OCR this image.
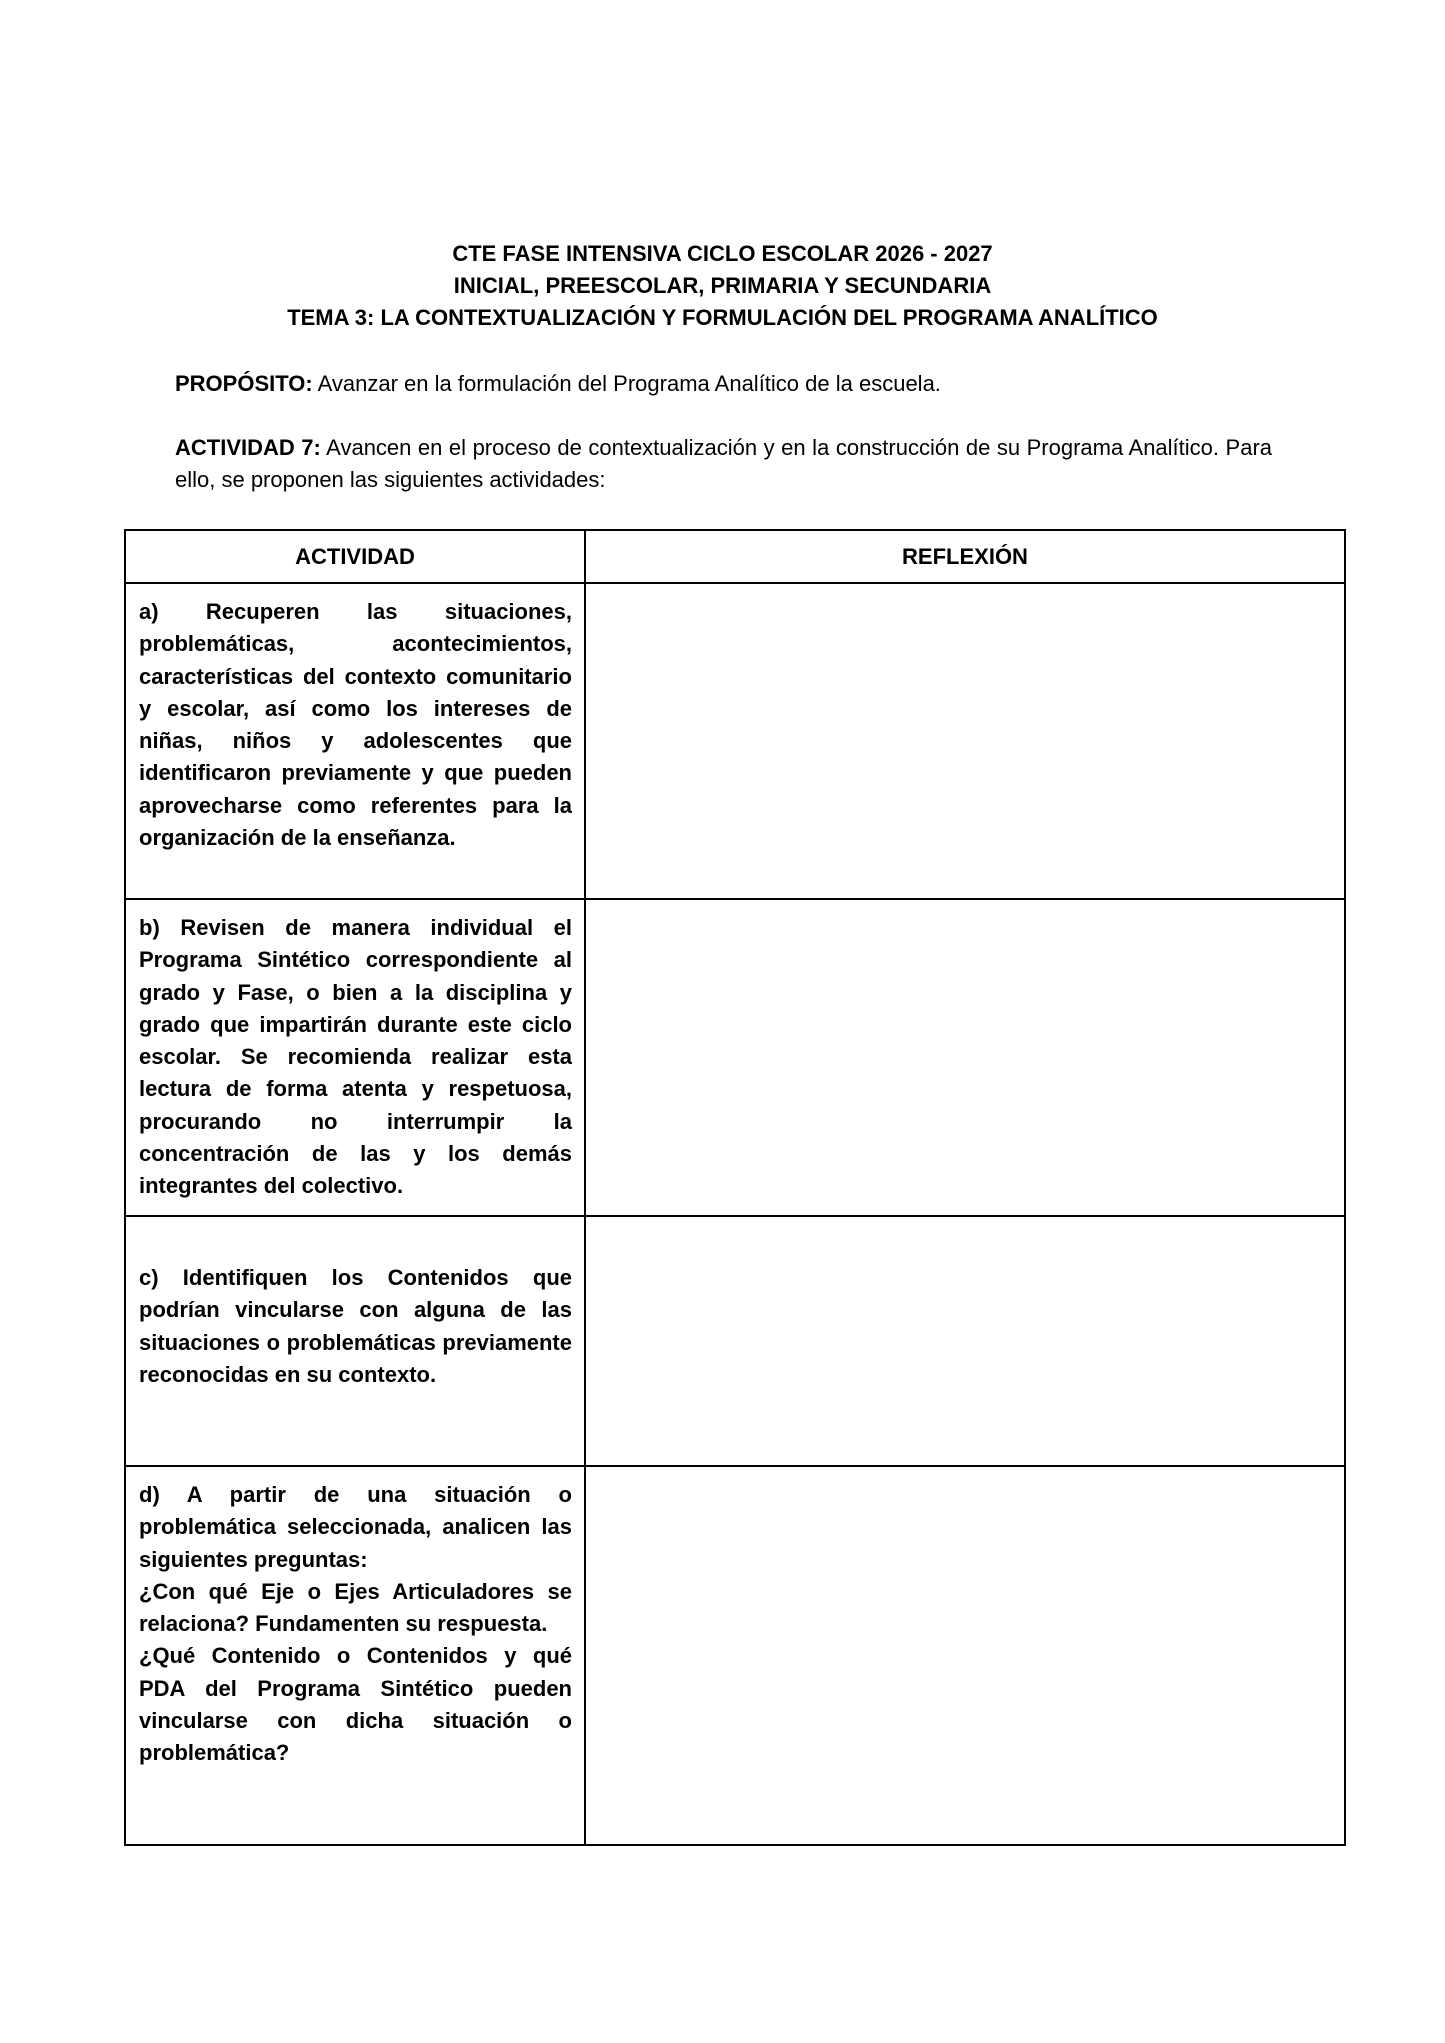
CTE FASE INTENSIVA CICLO ESCOLAR 2026 - 2027
INICIAL, PREESCOLAR, PRIMARIA Y SECUNDARIA
TEMA 3: LA CONTEXTUALIZACIÓN Y FORMULACIÓN DEL PROGRAMA ANALÍTICO
PROPÓSITO: Avanzar en la formulación del Programa Analítico de la escuela.
ACTIVIDAD 7: Avancen en el proceso de contextualización y en la construcción de su Programa Analítico. Para ello, se proponen las siguientes actividades:
ACTIVIDAD	REFLEXIÓN

a) Recuperen las situaciones, problemáticas, acontecimientos, características del contexto comunitario y escolar, así como los intereses de niñas, niños y adolescentes que identificaron previamente y que pueden aprovecharse como referentes para la organización de la enseñanza.	

b) Revisen de manera individual el Programa Sintético correspondiente al grado y Fase, o bien a la disciplina y grado que impartirán durante este ciclo escolar. Se recomienda realizar esta lectura de forma atenta y respetuosa, procurando no interrumpir la concentración de las y los demás integrantes del colectivo.	

c) Identifiquen los Contenidos que podrían vincularse con alguna de las situaciones o problemáticas previamente reconocidas en su contexto.	

d) A partir de una situación o problemática seleccionada, analicen las siguientes preguntas:
¿Con qué Eje o Ejes Articuladores se relaciona? Fundamenten su respuesta.
¿Qué Contenido o Contenidos y qué PDA del Programa Sintético pueden vincularse con dicha situación o problemática?	
